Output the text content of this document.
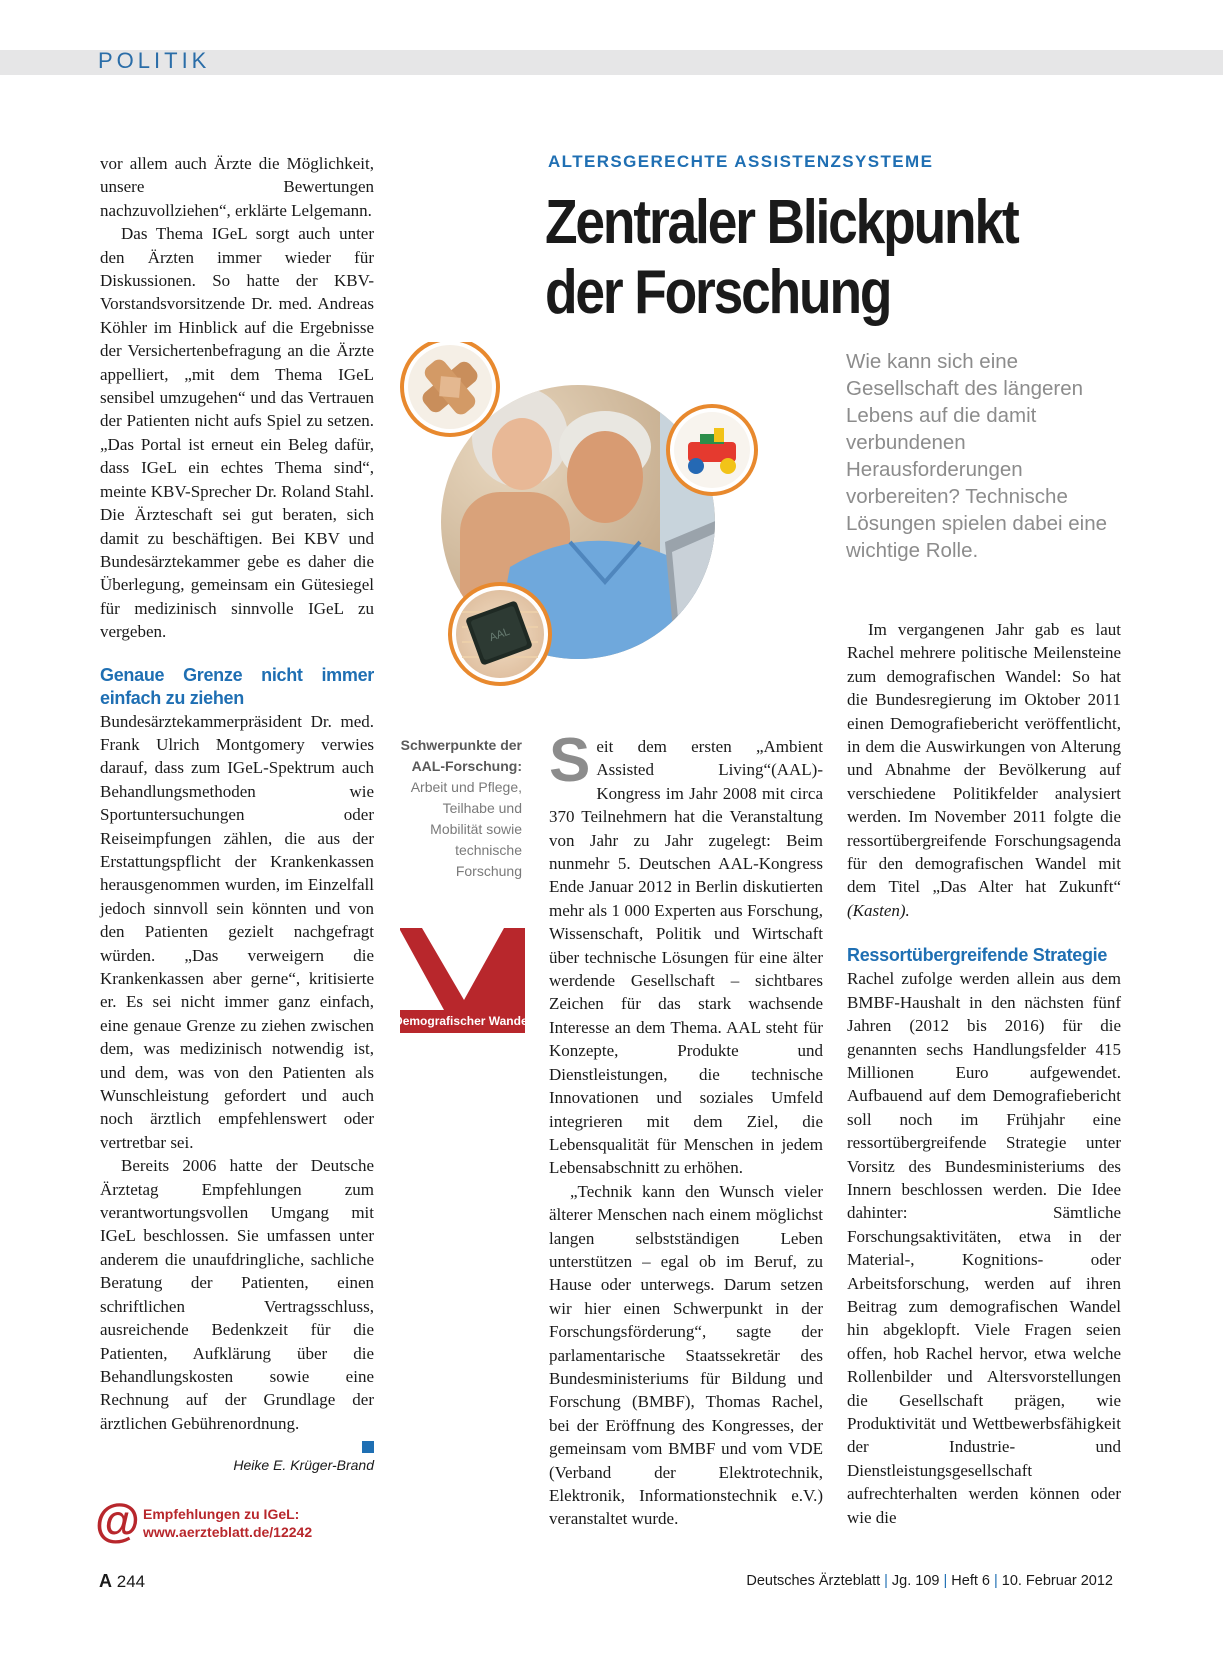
POLITIK

vor allem auch Ärzte die Möglichkeit, unsere Bewertungen nachzuvollziehen“, erklärte Lelgemann.

Das Thema IGeL sorgt auch unter den Ärzten immer wieder für Diskussionen. So hatte der KBV-Vorstandsvorsitzende Dr. med. Andreas Köhler im Hinblick auf die Ergebnisse der Versichertenbefragung an die Ärzte appelliert, „mit dem Thema IGeL sensibel umzugehen“ und das Vertrauen der Patienten nicht aufs Spiel zu setzen. „Das Portal ist erneut ein Beleg dafür, dass IGeL ein echtes Thema sind“, meinte KBV-Sprecher Dr. Roland Stahl. Die Ärzteschaft sei gut beraten, sich damit zu beschäftigen. Bei KBV und Bundesärztekammer gebe es daher die Überlegung, gemeinsam ein Gütesiegel für medizinisch sinnvolle IGeL zu vergeben.

Genaue Grenze nicht immer einfach zu ziehen

Bundesärztekammerpräsident Dr. med. Frank Ulrich Montgomery verwies darauf, dass zum IGeL-Spektrum auch Behandlungsmethoden wie Sportuntersuchungen oder Reiseimpfungen zählen, die aus der Erstattungspflicht der Krankenkassen herausgenommen wurden, im Einzelfall jedoch sinnvoll sein könnten und von den Patienten gezielt nachgefragt würden. „Das verweigern die Krankenkassen aber gerne“, kritisierte er. Es sei nicht immer ganz einfach, eine genaue Grenze zu ziehen zwischen dem, was medizinisch notwendig ist, und dem, was von den Patienten als Wunschleistung gefordert und auch noch ärztlich empfehlenswert oder vertretbar sei.

Bereits 2006 hatte der Deutsche Ärztetag Empfehlungen zum verantwortungsvollen Umgang mit IGeL beschlossen. Sie umfassen unter anderem die unaufdringliche, sachliche Beratung der Patienten, einen schriftlichen Vertragsschluss, ausreichende Bedenkzeit für die Patienten, Aufklärung über die Behandlungskosten sowie eine Rechnung auf der Grundlage der ärztlichen Gebührenordnung.

Heike E. Krüger-Brand
@ Empfehlungen zu IGeL:
www.aerzteblatt.de/12242
ALTERSGERECHTE ASSISTENZSYSTEME
Zentraler Blickpunkt der Forschung
Wie kann sich eine Gesellschaft des längeren Lebens auf die damit verbundenen Herausforderungen vorbereiten? Technische Lösungen spielen dabei eine wichtige Rolle.
AAL
Schwerpunkte der AAL-Forschung:
Arbeit und Pflege, Teilhabe und Mobilität sowie technische Forschung
Demografischer Wandel

Seit dem ersten „Ambient Assisted Living“(AAL)-Kongress im Jahr 2008 mit circa 370 Teilnehmern hat die Veranstaltung von Jahr zu Jahr zugelegt: Beim nunmehr 5. Deutschen AAL-Kongress Ende Januar 2012 in Berlin diskutierten mehr als 1 000 Experten aus Forschung, Wissenschaft, Politik und Wirtschaft über technische Lösungen für eine älter werdende Gesellschaft – sichtbares Zeichen für das stark wachsende Interesse an dem Thema. AAL steht für Konzepte, Produkte und Dienstleistungen, die technische Innovationen und soziales Umfeld integrieren mit dem Ziel, die Lebensqualität für Menschen in jedem Lebensabschnitt zu erhöhen.

„Technik kann den Wunsch vieler älterer Menschen nach einem möglichst langen selbstständigen Leben unterstützen – egal ob im Beruf, zu Hause oder unterwegs. Darum setzen wir hier einen Schwerpunkt in der Forschungsförderung“, sagte der parlamentarische Staatssekretär des Bundesministeriums für Bildung und Forschung (BMBF), Thomas Rachel, bei der Eröffnung des Kongresses, der gemeinsam vom BMBF und vom VDE (Verband der Elektrotechnik, Elektronik, Informationstechnik e.V.) veranstaltet wurde.

Im vergangenen Jahr gab es laut Rachel mehrere politische Meilensteine zum demografischen Wandel: So hat die Bundesregierung im Oktober 2011 einen Demografiebericht veröffentlicht, in dem die Auswirkungen von Alterung und Abnahme der Bevölkerung auf verschiedene Politikfelder analysiert werden. Im November 2011 folgte die ressortübergreifende Forschungsagenda für den demografischen Wandel mit dem Titel „Das Alter hat Zukunft“ (Kasten).

Ressortübergreifende Strategie

Rachel zufolge werden allein aus dem BMBF-Haushalt in den nächsten fünf Jahren (2012 bis 2016) für die genannten sechs Handlungsfelder 415 Millionen Euro aufgewendet. Aufbauend auf dem Demografiebericht soll noch im Frühjahr eine ressortübergreifende Strategie unter Vorsitz des Bundesministeriums des Innern beschlossen werden. Die Idee dahinter: Sämtliche Forschungsaktivitäten, etwa in der Material-, Kognitions- oder Arbeitsforschung, werden auf ihren Beitrag zum demografischen Wandel hin abgeklopft. Viele Fragen seien offen, hob Rachel hervor, etwa welche Rollenbilder und Altersvorstellungen die Gesellschaft prägen, wie Produktivität und Wettbewerbsfähigkeit der Industrie- und Dienstleistungsgesellschaft aufrechterhalten werden können oder wie die

A 244	Deutsches Ärzteblatt | Jg. 109 | Heft 6 | 10. Februar 2012
